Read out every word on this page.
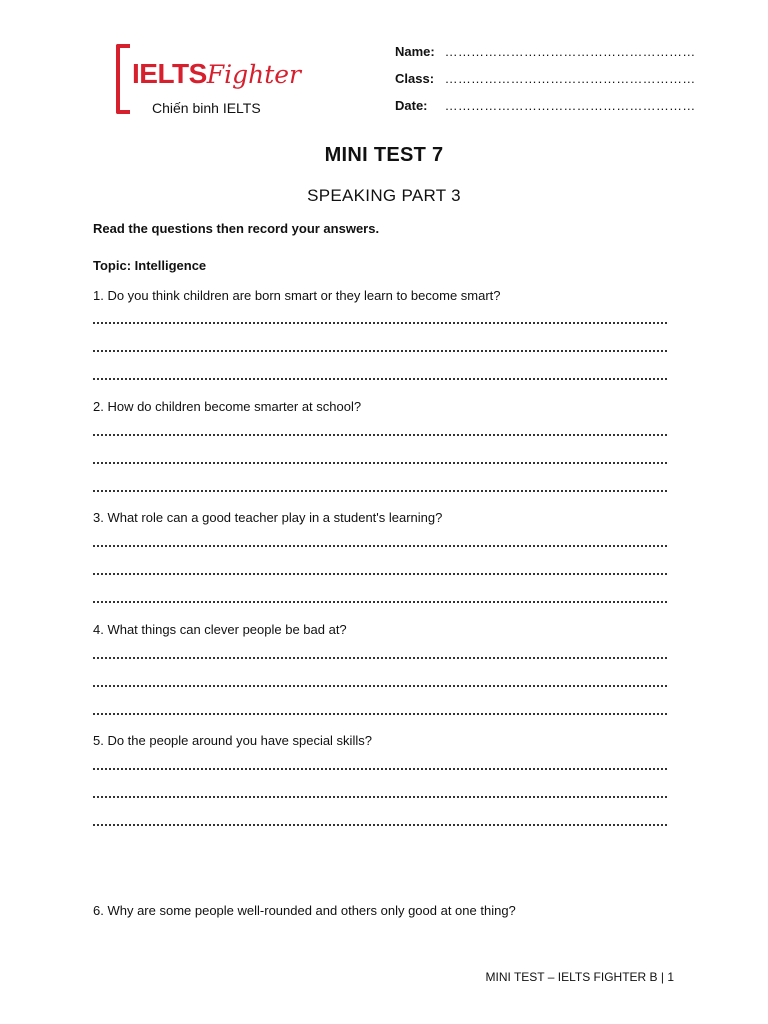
IELTSFighter
Chiến binh IELTS
Name: …………………………………………………
Class: …………………………………………………
Date: …………………………………………………
MINI TEST 7
SPEAKING PART 3
Read the questions then record your answers.
Topic: Intelligence
1. Do you think children are born smart or they learn to become smart?
2. How do children become smarter at school?
3. What role can a good teacher play in a student's learning?
4. What things can clever people be bad at?
5. Do the people around you have special skills?
6. Why are some people well-rounded and others only good at one thing?
MINI TEST – IELTS FIGHTER B | 1
